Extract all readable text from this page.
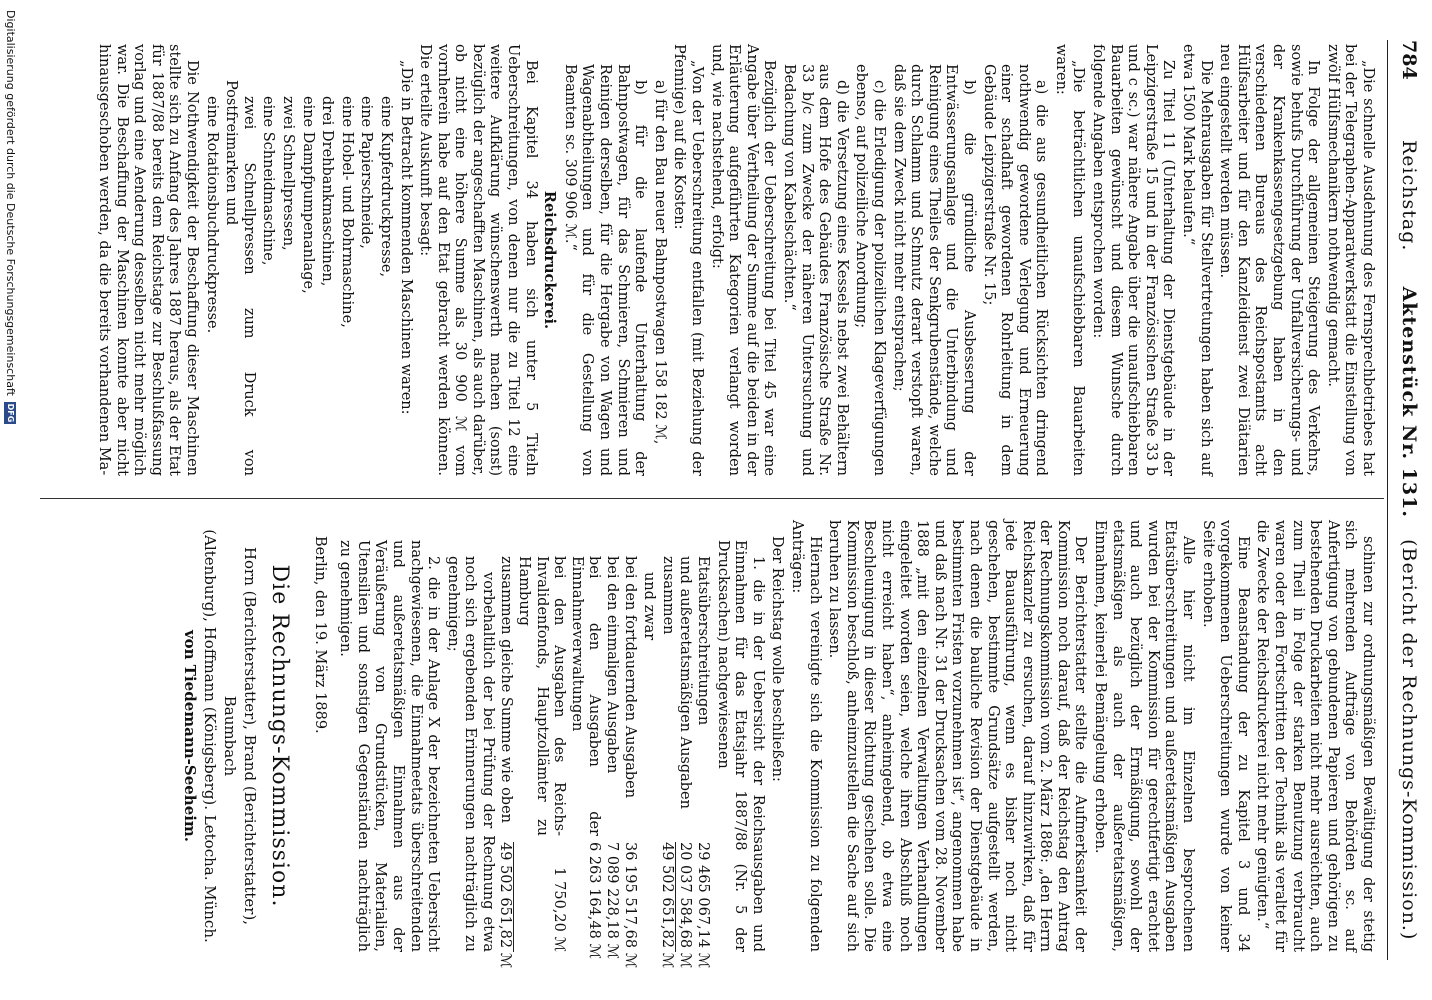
784
Reichstag.     Aktenstück Nr. 131.   (Bericht der Rechnungs-Kommission.)

„Die schnelle Ausdehnung des Fernsprechbetriebes hat bei der Telegraphen-Apparatwerkstatt die Einstellung von zwölf Hülfsmechanikern nothwendig gemacht.

In Folge der allgemeinen Steigerung des Verkehrs, sowie behufs Durchführung der Unfallversicherungs- und der Krankenkassengesetzgebung haben in den verschiedenen Bureaus des Reichspostamts acht Hülfsarbeiter und für den Kanzleidienst zwei Diätarien neu eingestellt werden müssen.

Die Mehrausgaben für Stellvertretungen haben sich auf etwa 1500 Mark belaufen.“

Zu Titel 11 (Unterhaltung der Dienstgebäude in der Leipzigerstraße 15 und in der Französischen Straße 33 b und c sc.) war nähere Angabe über die unaufschiebbaren Bauarbeiten gewünscht und diesem Wunsche durch folgende Angaben entsprochen worden:

„Die beträchtlichen unaufschiebbaren Bauarbeiten waren:

a) die aus gesundheitlichen Rücksichten dringend nothwendig gewordene Verlegung und Erneuerung einer schadhaft gewordenen Rohrleitung in dem Gebäude Leipzigerstraße Nr. 15;

b) die gründliche Ausbesserung der Entwässerungsanlage und die Unterbindung und Reinigung eines Theiles der Senkgrubenstände, welche durch Schlamm und Schmutz derart verstopft waren, daß sie dem Zweck nicht mehr entsprachen;

c) die Erledigung der polizeilichen Klageverfügungen ebenso, auf polizeiliche Anordnung;

d) die Versetzung eines Kessels nebst zwei Behältern aus dem Hofe des Gebäudes Französische Straße Nr. 33 b/c zum Zwecke der näheren Untersuchung und Bedachung von Kabelschächten.“

Bezüglich der Ueberschreitung bei Titel 45 war eine Angabe über Vertheilung der Summe auf die beiden in der Erläuterung aufgeführten Kategorien verlangt worden und, wie nachstehend, erfolgt:

„Von der Ueberschreitung entfallen (mit Beziehung der Pfennige) auf die Kosten:

a) für den Bau neuer Bahnpostwagen 158 182 ℳ,

b) für die laufende Unterhaltung der Bahnpostwagen, für das Schmieren, Schmieren und Reinigen derselben, für die Hergabe von Wagen und Wagenabtheilungen und für die Gestellung von Beamten sc. 309 906 ℳ.“

Reichsdruckerei.

Bei Kapitel 34 haben sich unter 5 Titeln Ueberschreitungen, von denen nur die zu Titel 12 eine weitere Aufklärung wünschenswerth machen (sonst) bezüglich der angeschafften Maschinen, als auch darüber, ob nicht eine höhere Summe als 30 900 ℳ vom vornherein habe auf den Etat gebracht werden können. Die erteilte Auskunft besagt:

„Die in Betracht kommenden Maschinen waren:

eine Kupferdruckpresse,

eine Papierschneide,

eine Hobel- und Bohrmaschine,

drei Drehbankmaschinen,

eine Dampfpumpenanlage,

zwei Schnellpressen,

eine Schneidmaschine,

zwei Schnellpressen zum Druck von Postfreimarken und

eine Rotationsbuchdruckpresse.

Die Nothwendigkeit der Beschaffung dieser Maschinen stellte sich zu Anfang des Jahres 1887 heraus, als der Etat für 1887/88 bereits dem Reichstage zur Beschlußfassung vorlag und eine Aenderung desselben nicht mehr möglich war. Die Beschaffung der Maschinen konnte aber nicht hinausgeschoben werden, da die bereits vorhandenen Ma-

schinen zur ordnungsmäßigen Bewältigung der stetig sich mehrenden Aufträge von Behörden sc. auf Anfertigung von gebundenen Papieren und gehörigen zu bestehenden Druckarbeiten nicht mehr ausreichten, auch zum Theil in Folge der starken Benutzung verbraucht waren oder den Fortschritten der Technik als veraltet für die Zwecke der Reichsdruckerei nicht mehr genügten.“

Eine Beanstandung der zu Kapitel 3 und 34 vorgekommenen Ueberschreitungen wurde von keiner Seite erhoben.

Alle hier nicht im Einzelnen besprochenen Etatsüberschreitungen und außeretatsmäßigen Ausgaben wurden bei der Kommission für gerechtfertigt erachtet und auch bezüglich der Ermäßigung, sowohl der etatsmäßigen als auch der außeretatsmäßigen, Einnahmen, keinerlei Bemängelung erhoben.

Der Berichterstatter stellte die Aufmerksamkeit der Kommission noch darauf, daß der Reichstag den Antrag der Rechnungskommission vom 2. März 1886: „den Herrn Reichskanzler zu ersuchen, darauf hinzuwirken, daß für jede Bauausführung, wenn es bisher noch nicht geschehen, bestimmte Grundsätze aufgestellt werden, nach denen die bauliche Revision der Dienstgebäude in bestimmten Fristen vorzunehmen ist“, angenommen habe und daß nach Nr. 31 der Drucksachen vom 28. November 1888 „mit den einzelnen Verwaltungen Verhandlungen eingeleitet worden seien, welche ihren Abschluß noch nicht erreicht haben“, anheimgebend, ob etwa eine Beschleunigung in dieser Richtung geschehen solle. Die Kommission beschloß, anheimzustellen die Sache auf sich beruhen zu lassen.

Hiernach vereinigte sich die Kommission zu folgenden Anträgen:

Der Reichstag wolle beschließen:

1. die in der Uebersicht der Reichsausgaben und Einnahmen für das Etatsjahr 1887/88 (Nr. 5 der Drucksachen) nachgewiesenen

Etatsüberschreitungen
29 465 067,14 ℳ
und außeretatsmäßigen Ausgaben
20 037 584,68 ℳ
zusammen
49 502 651,82 ℳ

und zwar

bei den fortdauernden Ausgaben
36 195 517,68 ℳ
bei den einmaligen Ausgaben
7 089 228,18 ℳ
bei den Ausgaben der Einnahmeverwaltungen
6 263 164,48 ℳ
bei den Ausgaben des Reichs-Invalidenfonds, Hauptzollämter zu Hamburg
1 750,20 ℳ
zusammen gleiche Summe wie oben
49 502 651,82 ℳ

vorbehaltlich der bei Prüfung der Rechnung etwa noch sich ergebenden Erinnerungen nachträglich zu genehmigen;

2. die in der Anlage X der bezeichneten Uebersicht nachgewiesenen, die Einnahmeetats überschreitenden und außeretatsmäßigen Einnahmen aus der Veräußerung von Grundstücken, Materialien, Utensilien und sonstigen Gegenständen nachträglich zu genehmigen.

Berlin, den 19. März 1889.

Die Rechnungs-Kommission.
Horn (Berichterstatter), Brand (Berichterstatter), Baumbach
(Altenburg), Hoffmann (Königsberg). Letocha. Münch.
von Tiedemann-Seeheim.
Digitalisierung gefördert durch die Deutsche Forschungsgemeinschaft
DFG
